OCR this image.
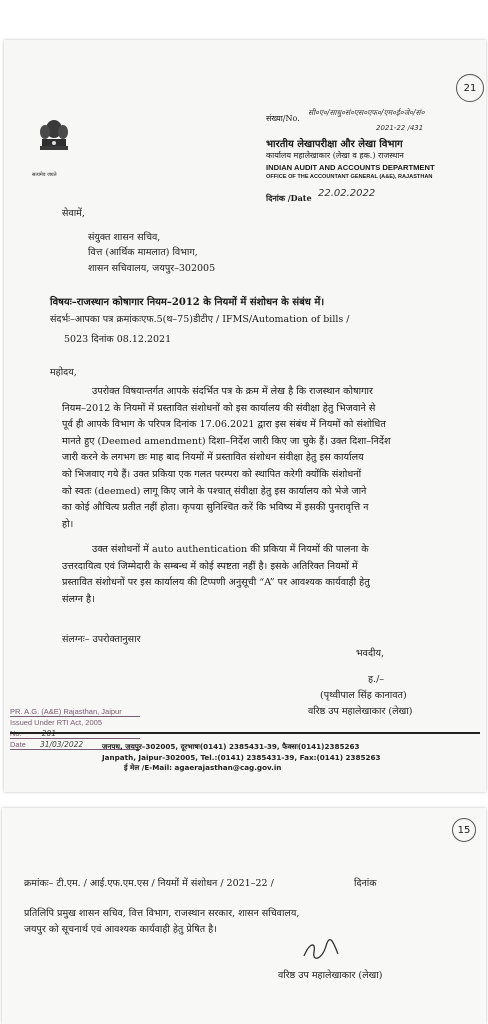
21
सत्यमेव जयते
संख्या/No.
सी०ए०/साधु०सं०एस०एफ०/एम०ई०जे०/सं०
2021-22 /431
भारतीय लेखापरीक्षा और लेखा विभाग
कार्यालय महालेखाकार (लेखा व हक.) राजस्थान
INDIAN AUDIT AND ACCOUNTS DEPARTMENT
OFFICE OF THE ACCOUNTANT GENERAL (A&E), RAJASTHAN
दिनांक /Date 22.02.2022
सेवामें,
संयुक्त शासन सचिव,
वित्त (आर्थिक मामलात) विभाग,
शासन सचिवालय, जयपुर–302005
विषयः–राजस्थान कोषागार नियम–2012 के नियमों में संशोधन के संबंध में।
संदर्भः–आपका पत्र क्रमांकःएफ.5(थ–75)डीटीए / IFMS/Automation of bills /
5023 दिनांक 08.12.2021
महोदय,
उपरोक्त विषयान्तर्गत आपके संदर्भित पत्र के क्रम में लेख है कि राजस्थान कोषागार
नियम–2012 के नियमों में प्रस्तावित संशोधनों को इस कार्यालय की संवीक्षा हेतु भिजवाने से
पूर्व ही आपके विभाग के परिपत्र दिनांक 17.06.2021 द्वारा इस संबंध में नियमों को संशोधित
मानते हुए (Deemed amendment) दिशा–निर्देश जारी किए जा चुके हैं। उक्त दिशा–निर्देश
जारी करने के लगभग छः माह बाद नियमों में प्रस्तावित संशोधन संवीक्षा हेतु इस कार्यालय
को भिजवाए गये हैं। उक्त प्रकिया एक गलत परम्परा को स्थापित करेगी क्योंकि संशोधनों
को स्वतः (deemed) लागू किए जाने के पश्चात् संवीक्षा हेतु इस कार्यालय को भेजे जाने
का कोई औचित्य प्रतीत नहीं होता। कृपया सुनिश्चित करें कि भविष्य में इसकी पुनरावृत्ति न
हो।
उक्त संशोधनों में auto authentication की प्रकिया में नियमों की पालना के
उत्तरदायित्व एवं जिम्मेदारी के सम्बन्ध में कोई स्पष्टता नहीं है। इसके अतिरिक्त नियमों में
प्रस्तावित संशोधनों पर इस कार्यालय की टिप्पणी अनुसूची “A” पर आवश्यक कार्यवाही हेतु
संलग्न है।
संलग्नः– उपरोक्तानुसार
भवदीय,
ह./–
(पृथ्वीपाल सिंह कानावत)
वरिष्ठ उप महालेखाकार (लेखा)
PR. A.G. (A&E) Rajasthan, Jaipur
Issued Under RTI Act, 2005
Date 31/03/2022	जनपथ, जयपुर–302005, दूरभाषः(0141) 2385431-39, फैक्सः(0141)2385263
Janpath, Jaipur-302005, Tel.:(0141) 2385431-39, Fax:(0141) 2385263
ई मेल /E-Mail: agaerajasthan@cag.gov.in
15
क्रमांकः– टी.एम. / आई.एफ.एम.एस / नियमों में संशोधन / 2021–22 /	दिनांक
प्रतिलिपि प्रमुख शासन सचिव, वित्त विभाग, राजस्थान सरकार, शासन सचिवालय,
जयपुर को सूचनार्थ एवं आवश्यक कार्यवाही हेतु प्रेषित है।
वरिष्ठ उप महालेखाकार (लेखा)
